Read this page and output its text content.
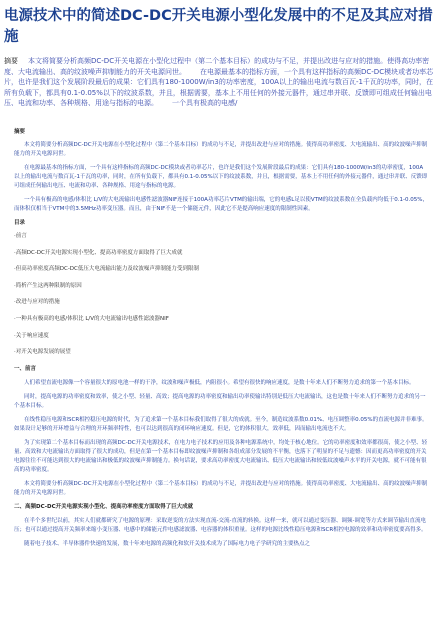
电源技术中的简述DC-DC开关电源小型化发展中的不足及其应对措施
摘要 本文将简要分析高频DC-DC开关电源在小型化过程中（第二个基本目标）的成功与不足，并提出改进与应对的措施。使得高功率密度、大电流输出、高的纹波噪声抑制能力的开关电源问世。 在电源最基本的指标方面，一个具有这样指标的高频DC-DC模块或者功率芯片，也许是我们这个发展阶段最后的成果：它们具有180-1000W/in3的功率密度，100A以上的输出电流与数百瓦-1千瓦的功率，同时，在所有负载下，都具有0.1-0.05%以下的纹波系数，并且，根据需要，基本上不用任何的外接元器件，通过串并联、反馈即可组成任何输出电压、电流和功率、各种规格、用途与指标的电源。 一个具有极高的电感/
摘要

本文将简要分析高频DC-DC开关电源在小型化过程中（第二个基本目标）的成功与不足，并提出改进与应对的措施。使得高功率密度、大电流输出、高的纹波噪声抑制能力的开关电源问世。

在电源最基本的指标方面，一个具有这样指标的高频DC-DC模块或者功率芯片，也许是我们这个发展阶段最后的成果：它们具有180-1000W/in3的功率密度，100A以上的输出电流与数百瓦-1千瓦的功率，同时，在所有负载下，都具有0.1-0.05%以下的纹波系数，并且，根据需要，基本上不用任何的外接元器件，通过串并联、反馈即可组成任何输出电压、电流和功率、各种规格、用途与指标的电源。

一个具有极高的电感/体积比 L/V的大电流输出电感性滤波器NIF连接于100A功率芯片VTM的输出端，它的电感L足以使VTM的纹波系数在全负载内均低于0.1-0.05%，而体积仅相当于VTM中的3.5MHz功率变压器。而且，由于NIF不是一个储能元件，因此它不是提高响应速度的限制性因素。

目录
·前言
·高频DC-DC开关电源实现小型化、提高功率密度方面取得了巨大成就
·但高功率密度高频DC-DC低压大电流输出能力及纹波噪声抑制能力受到限制
·简析产生这两种限制的原因
·改进与应对的措施
·一种具有极高的电感/体积比 L/V的大电流输出电感性滤波器NIF
·关于响应速度
·对开关电源发展的展望
一、前言

人们希望直流电源像一个容量很大的原电池一样的干净，纹波和噪声极低，内阻很小。希望有很快的响应速度，是数十年来人们不断努力追求的第一个基本目标。

同时，提高电源的功率密度和效率，使之小型、轻量、高效；提高电源的功率密度和输出功率使输出特别是低压大电流输出，这也是数十年来人们不断努力追求的另一个基本目标。

在线性稳压电源和SCR相控稳压电源的时代，为了追求第一个基本目标我们取得了很大的成就。至今，制造纹波系数0.01%、电压调整率0.05%的直流电源并非难事。如果设计足够的开环增益与合理的开环频率特性，也可以达到很高的闭环响应速度。但是，它的体积很大，效率低，因而输出电流也不大。

为了实现第二个基本目标而出现的高频DC-DC开关电源技术，在电力电子技术的应用及各种电源系统中，均处于核心地位。它的功率密度和效率都很高，使之小型、轻量、高效和大电流输出方面取得了很大的成功，但是在第一个基本目标即纹波噪声抑制和各组成部分发展的不平衡，也落下了明显的不足与遗憾：因而更高功率密度的开关电源往往不可能达到很大的电流输出和极低的纹波噪声抑制能力。换句话说，要求高功率密度大电流输出、低压大电流输出和较低纹波噪声水平的开关电源，就不可能有很高的功率密度。

本文将简要分析高频DC-DC开关电源在小型化过程中（第二个基本目标）的成功与不足，并提出改进与应对的措施。使得高功率密度、大电流输出、高的纹波噪声抑制能力的开关电源问世。

二、高频DC-DC开关电源实现小型化、提高功率密度方面取得了巨大成就

在半个多世纪以前，其实人们就都研究了电源的原理：采取逆变的方法实现直流-交流-直流的转换。这样一来，就可以通过变压器、调频-调宽等方式来调节输出直流电压；也可以通过提高开关频率来缩小变压器、电感中的储能元件电感滤波器、电容器的体积重量。这样的电源比线性稳压电源和SCR相控电源的效率和功率密度要高得多。

随着电子技术、半导体器件快速的发展，数十年来电源的高频化和软开关技术成为了国际电力电子学研究的主要热点之
